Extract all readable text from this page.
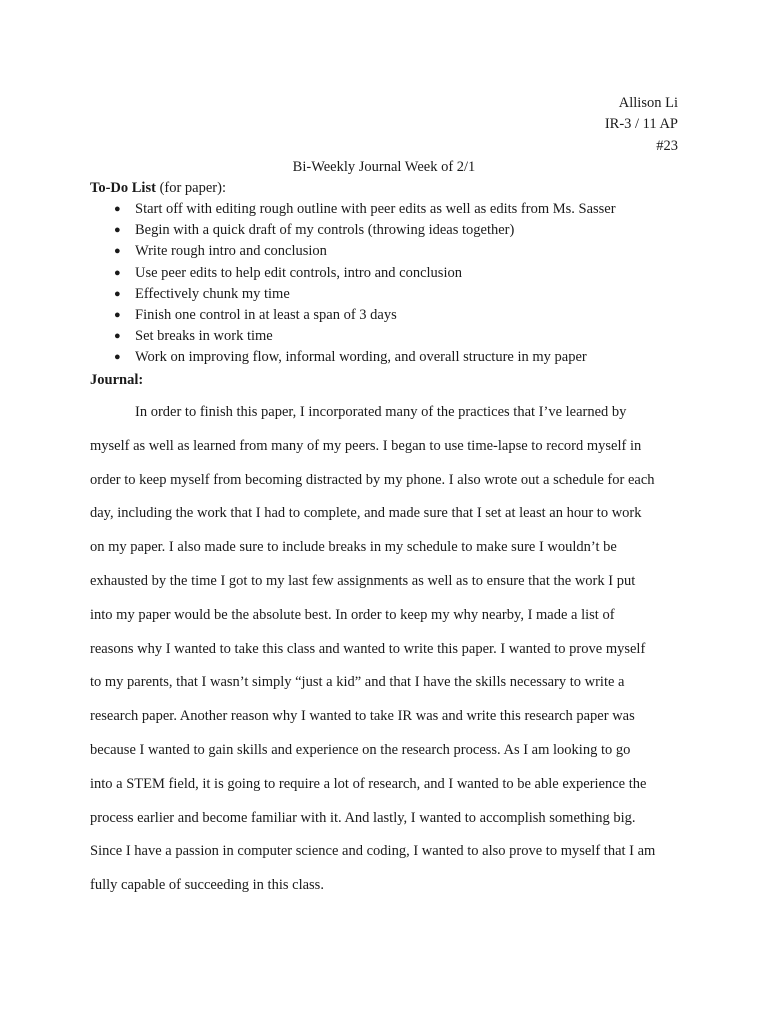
Allison Li
IR-3 / 11 AP
#23
Bi-Weekly Journal Week of 2/1

To-Do List (for paper):

● Start off with editing rough outline with peer edits as well as edits from Ms. Sasser
● Begin with a quick draft of my controls (throwing ideas together)
● Write rough intro and conclusion
● Use peer edits to help edit controls, intro and conclusion
● Effectively chunk my time
● Finish one control in at least a span of 3 days
● Set breaks in work time
● Work on improving flow, informal wording, and overall structure in my paper

Journal:

In order to finish this paper, I incorporated many of the practices that I’ve learned by
myself as well as learned from many of my peers. I began to use time-lapse to record myself in
order to keep myself from becoming distracted by my phone. I also wrote out a schedule for each
day, including the work that I had to complete, and made sure that I set at least an hour to work
on my paper. I also made sure to include breaks in my schedule to make sure I wouldn’t be
exhausted by the time I got to my last few assignments as well as to ensure that the work I put
into my paper would be the absolute best. In order to keep my why nearby, I made a list of
reasons why I wanted to take this class and wanted to write this paper. I wanted to prove myself
to my parents, that I wasn’t simply “just a kid” and that I have the skills necessary to write a
research paper. Another reason why I wanted to take IR was and write this research paper was
because I wanted to gain skills and experience on the research process. As I am looking to go
into a STEM field, it is going to require a lot of research, and I wanted to be able experience the
process earlier and become familiar with it. And lastly, I wanted to accomplish something big.
Since I have a passion in computer science and coding, I wanted to also prove to myself that I am
fully capable of succeeding in this class.
